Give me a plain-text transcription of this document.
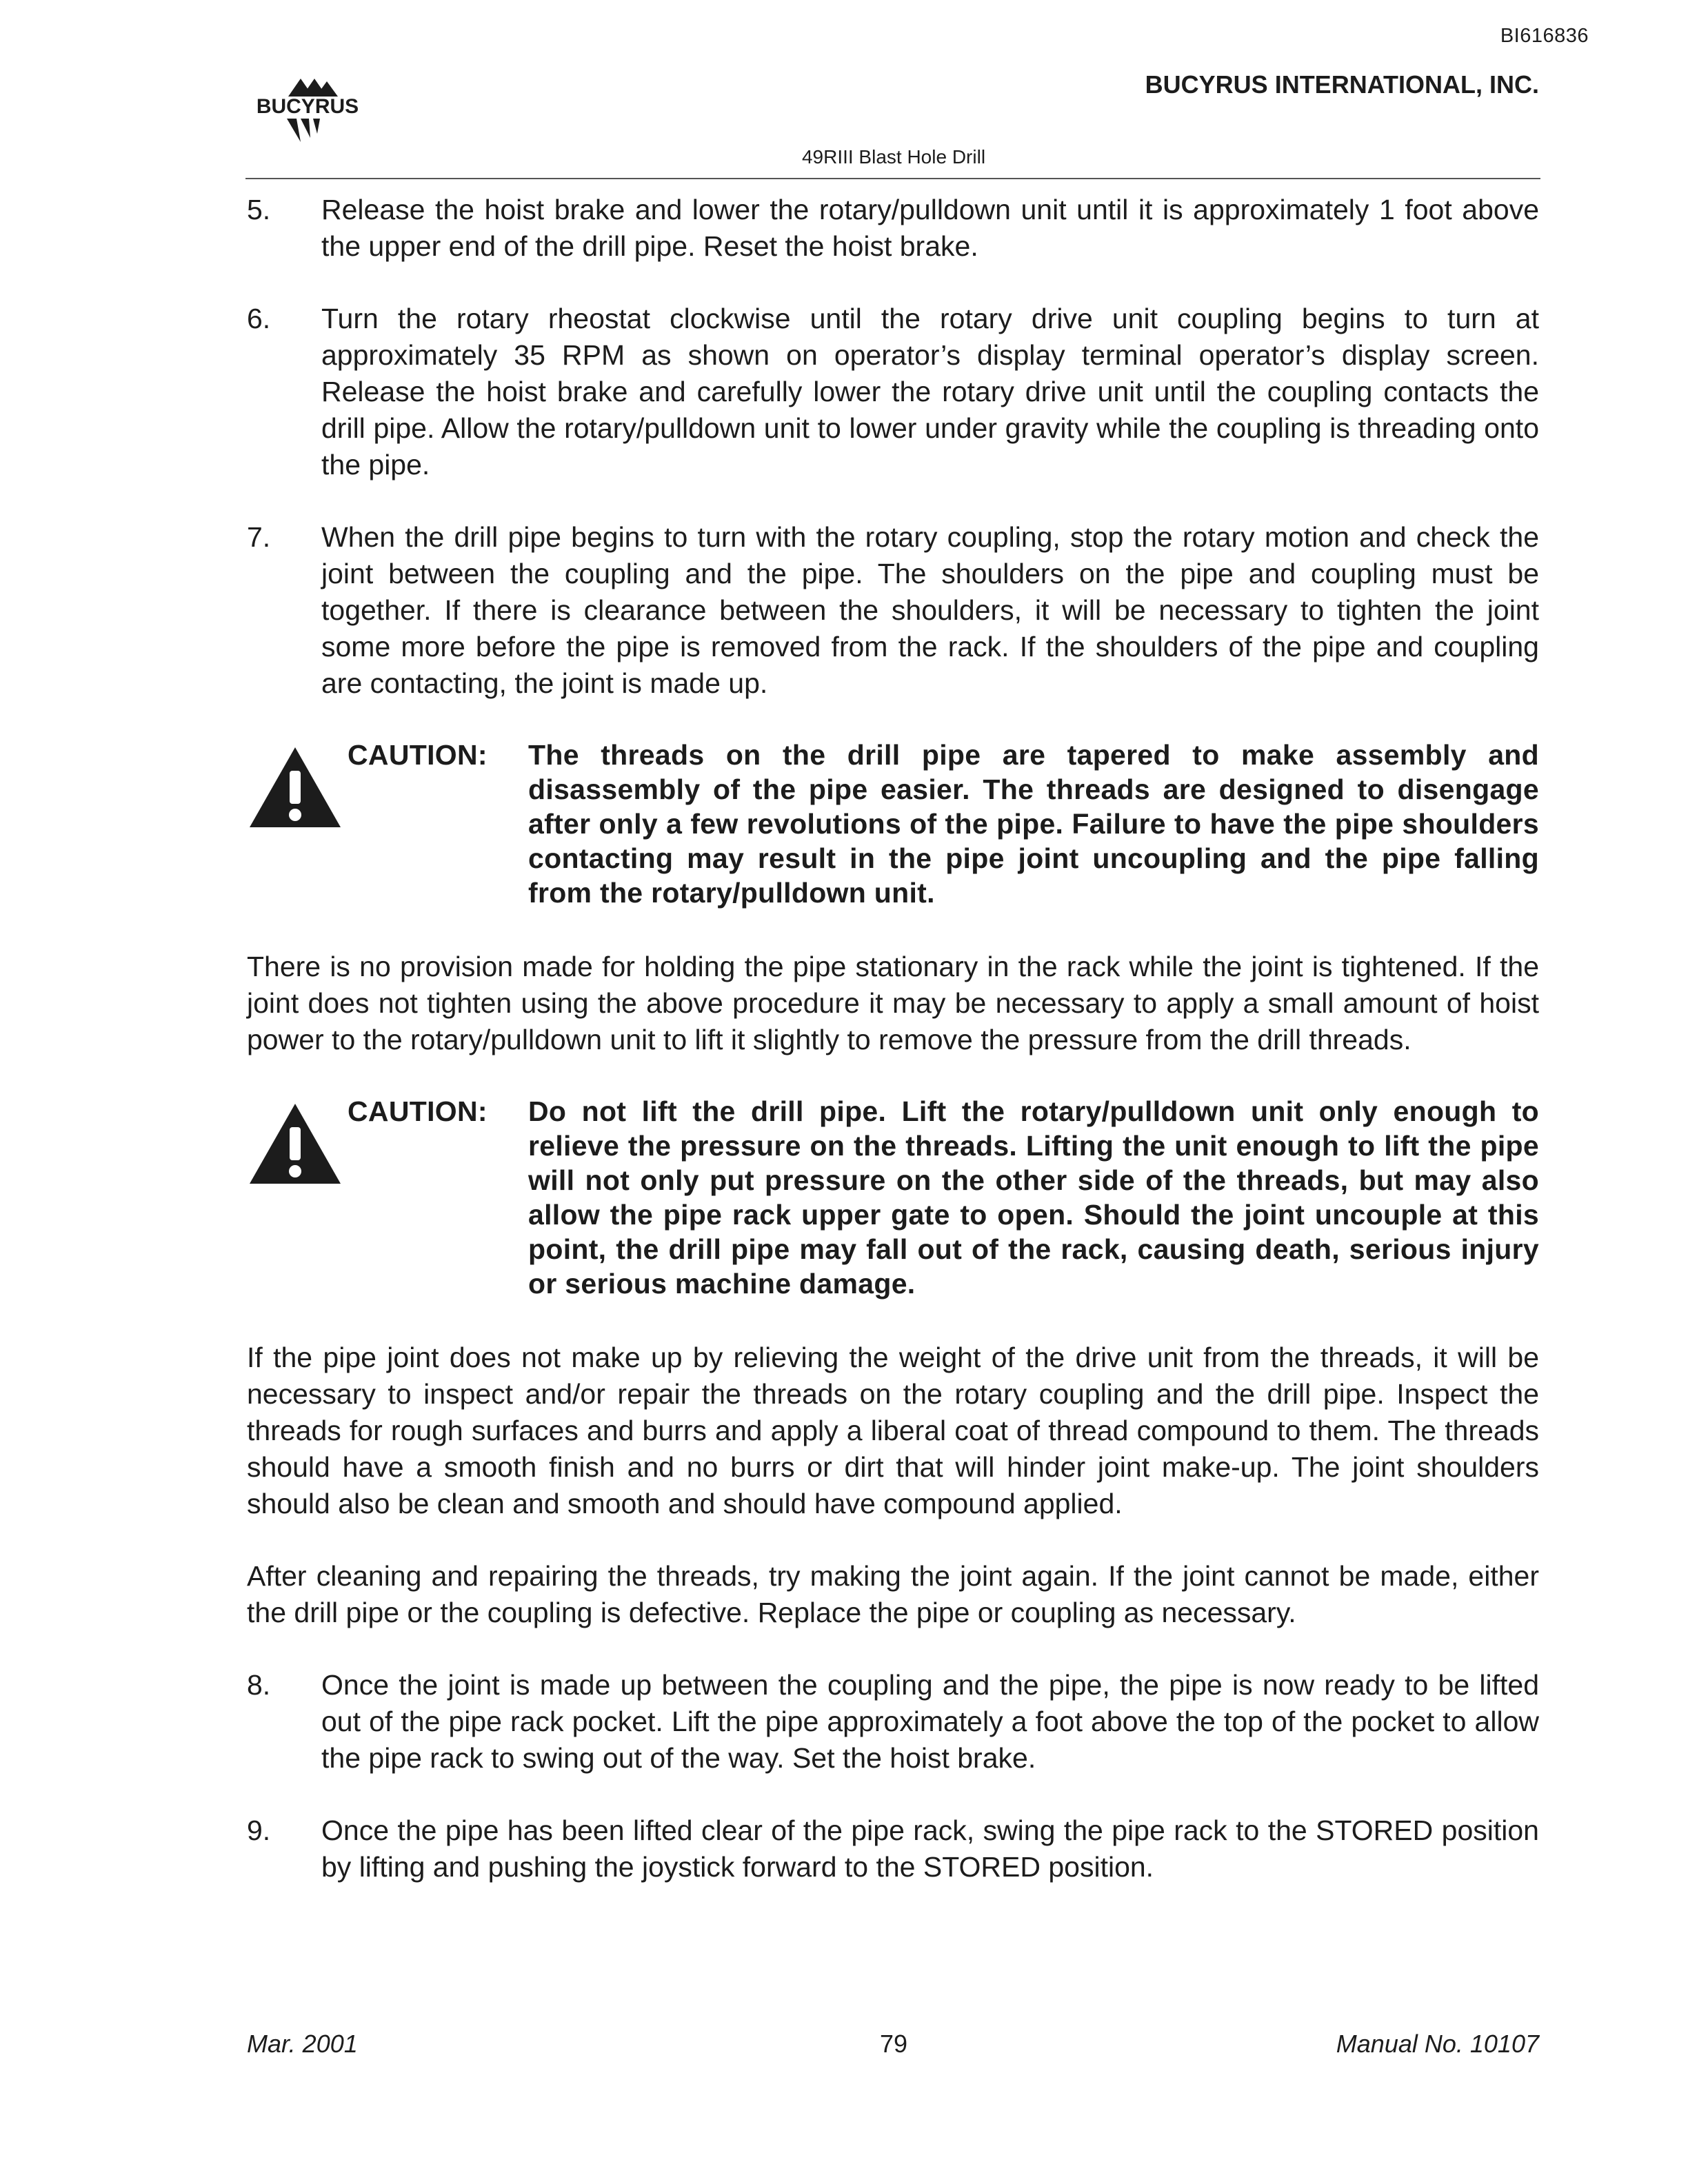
BI616836
BUCYRUS
BUCYRUS INTERNATIONAL, INC.
49RIII Blast Hole Drill
5. Release the hoist brake and lower the rotary/pulldown unit until it is approximately 1 foot above the upper end of the drill pipe. Reset the hoist brake.
6. Turn the rotary rheostat clockwise until the rotary drive unit coupling begins to turn at approximately 35 RPM as shown on operator’s display terminal operator’s display screen. Release the hoist brake and carefully lower the rotary drive unit until the coupling contacts the drill pipe. Allow the rotary/pulldown unit to lower under gravity while the coupling is threading onto the pipe.
7. When the drill pipe begins to turn with the rotary coupling, stop the rotary motion and check the joint between the coupling and the pipe. The shoulders on the pipe and coupling must be together. If there is clearance between the shoulders, it will be necessary to tighten the joint some more before the pipe is removed from the rack. If the shoulders of the pipe and coupling are contacting, the joint is made up.
CAUTION: The threads on the drill pipe are tapered to make assembly and disassembly of the pipe easier. The threads are designed to disengage after only a few revolutions of the pipe. Failure to have the pipe shoulders contacting may result in the pipe joint uncoupling and the pipe falling from the rotary/pulldown unit.
There is no provision made for holding the pipe stationary in the rack while the joint is tightened. If the joint does not tighten using the above procedure it may be necessary to apply a small amount of hoist power to the rotary/pulldown unit to lift it slightly to remove the pressure from the drill threads.
CAUTION: Do not lift the drill pipe. Lift the rotary/pulldown unit only enough to relieve the pressure on the threads. Lifting the unit enough to lift the pipe will not only put pressure on the other side of the threads, but may also allow the pipe rack upper gate to open. Should the joint uncouple at this point, the drill pipe may fall out of the rack, causing death, serious injury or serious machine damage.
If the pipe joint does not make up by relieving the weight of the drive unit from the threads, it will be necessary to inspect and/or repair the threads on the rotary coupling and the drill pipe. Inspect the threads for rough surfaces and burrs and apply a liberal coat of thread compound to them. The threads should have a smooth finish and no burrs or dirt that will hinder joint make-up. The joint shoulders should also be clean and smooth and should have compound applied.
After cleaning and repairing the threads, try making the joint again. If the joint cannot be made, either the drill pipe or the coupling is defective. Replace the pipe or coupling as necessary.
8. Once the joint is made up between the coupling and the pipe, the pipe is now ready to be lifted out of the pipe rack pocket. Lift the pipe approximately a foot above the top of the pocket to allow the pipe rack to swing out of the way. Set the hoist brake.
9. Once the pipe has been lifted clear of the pipe rack, swing the pipe rack to the STORED position by lifting and pushing the joystick forward to the STORED position.
Mar. 2001	79	Manual No. 10107
